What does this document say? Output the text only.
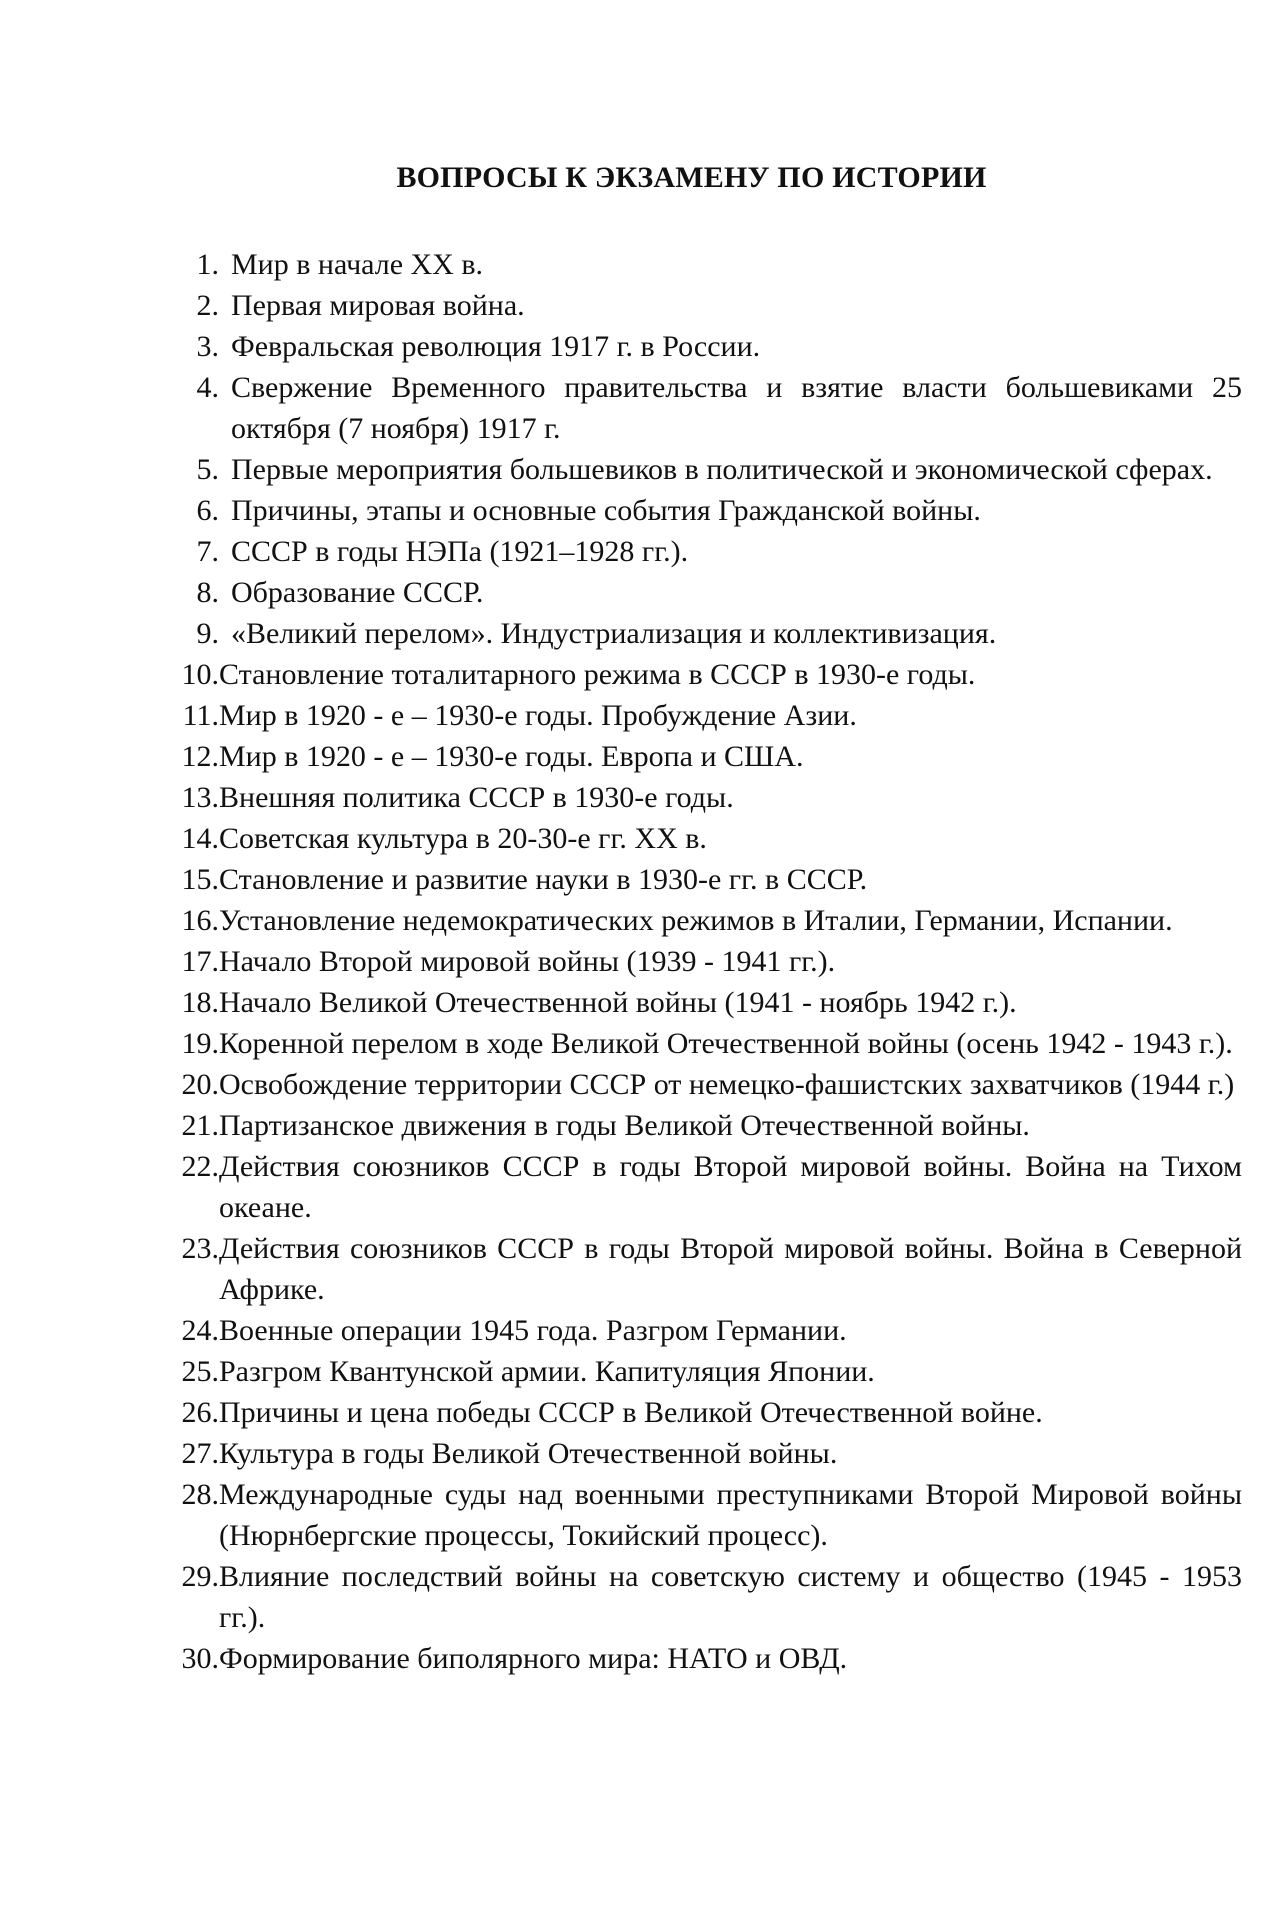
ВОПРОСЫ К ЭКЗАМЕНУ ПО ИСТОРИИ
1. Мир в начале XX в.
2. Первая мировая война.
3. Февральская революция 1917 г. в России.
4. Свержение Временного правительства и взятие власти большевиками 25 октября (7 ноября) 1917 г.
5. Первые мероприятия большевиков в политической и экономической сферах.
6. Причины, этапы и основные события Гражданской войны.
7. СССР в годы НЭПа (1921–1928 гг.).
8. Образование СССР.
9. «Великий перелом». Индустриализация и коллективизация.
10. Становление тоталитарного режима в СССР в 1930-е годы.
11. Мир в 1920 - е – 1930-е годы. Пробуждение Азии.
12. Мир в 1920 - е – 1930-е годы. Европа и США.
13. Внешняя политика СССР в 1930-е годы.
14. Советская культура в 20-30-е гг. XX в.
15. Становление и развитие науки в 1930-е гг. в СССР.
16. Установление недемократических режимов в Италии, Германии, Испании.
17. Начало Второй мировой войны (1939 - 1941 гг.).
18. Начало Великой Отечественной войны (1941 - ноябрь 1942 г.).
19. Коренной перелом в ходе Великой Отечественной войны (осень 1942 - 1943 г.).
20. Освобождение территории СССР от немецко-фашистских захватчиков (1944 г.)
21. Партизанское движения в годы Великой Отечественной войны.
22. Действия союзников СССР в годы Второй мировой войны. Война на Тихом океане.
23. Действия союзников СССР в годы Второй мировой войны. Война в Северной Африке.
24. Военные операции 1945 года. Разгром Германии.
25. Разгром Квантунской армии. Капитуляция Японии.
26. Причины и цена победы СССР в Великой Отечественной войне.
27. Культура в годы Великой Отечественной войны.
28. Международные суды над военными преступниками Второй Мировой войны (Нюрнбергские процессы, Токийский процесс).
29. Влияние последствий войны на советскую систему и общество (1945 - 1953 гг.).
30. Формирование биполярного мира: НАТО и ОВД.
